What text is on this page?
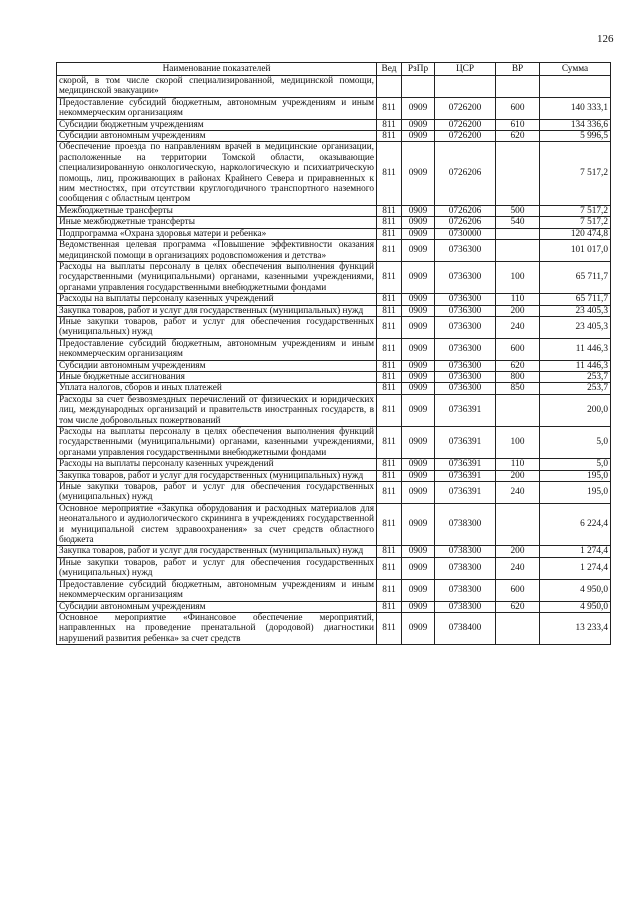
126
Наименование показателей	Вед	РзПр	ЦСР	ВР	Сумма
скорой, в том числе скорой специализированной, медицинской помощи, медицинской эвакуации»					
Предоставление субсидий бюджетным, автономным учреждениям и иным некоммерческим организациям	811	0909	0726200	600	140 333,1
Субсидии бюджетным учреждениям	811	0909	0726200	610	134 336,6
Субсидии автономным учреждениям	811	0909	0726200	620	5 996,5
Обеспечение проезда по направлениям врачей в медицинские организации, расположенные на территории Томской области, оказывающие специализированную онкологическую, наркологическую и психиатрическую помощь, лиц, проживающих в районах Крайнего Севера и приравненных к ним местностях, при отсутствии круглогодичного транспортного наземного сообщения с областным центром	811	0909	0726206		7 517,2
Межбюджетные трансферты	811	0909	0726206	500	7 517,2
Иные межбюджетные трансферты	811	0909	0726206	540	7 517,2
Подпрограмма «Охрана здоровья матери и ребенка»	811	0909	0730000		120 474,8
Ведомственная целевая программа «Повышение эффективности оказания медицинской помощи в организациях родовспоможения и детства»	811	0909	0736300		101 017,0
Расходы на выплаты персоналу в целях обеспечения выполнения функций государственными (муниципальными) органами, казенными учреждениями, органами управления государственными внебюджетными фондами	811	0909	0736300	100	65 711,7
Расходы на выплаты персоналу казенных учреждений	811	0909	0736300	110	65 711,7
Закупка товаров, работ и услуг для государственных (муниципальных) нужд	811	0909	0736300	200	23 405,3
Иные закупки товаров, работ и услуг для обеспечения государственных (муниципальных) нужд	811	0909	0736300	240	23 405,3
Предоставление субсидий бюджетным, автономным учреждениям и иным некоммерческим организациям	811	0909	0736300	600	11 446,3
Субсидии автономным учреждениям	811	0909	0736300	620	11 446,3
Иные бюджетные ассигнования	811	0909	0736300	800	253,7
Уплата налогов, сборов и иных платежей	811	0909	0736300	850	253,7
Расходы за счет безвозмездных перечислений от физических и юридических лиц, международных организаций и правительств иностранных государств, в том числе добровольных пожертвований	811	0909	0736391		200,0
Расходы на выплаты персоналу в целях обеспечения выполнения функций государственными (муниципальными) органами, казенными учреждениями, органами управления государственными внебюджетными фондами	811	0909	0736391	100	5,0
Расходы на выплаты персоналу казенных учреждений	811	0909	0736391	110	5,0
Закупка товаров, работ и услуг для государственных (муниципальных) нужд	811	0909	0736391	200	195,0
Иные закупки товаров, работ и услуг для обеспечения государственных (муниципальных) нужд	811	0909	0736391	240	195,0
Основное мероприятие «Закупка оборудования и расходных материалов для неонатального и аудиологического скрининга в учреждениях государственной и муниципальной систем здравоохранения» за счет средств областного бюджета	811	0909	0738300		6 224,4
Закупка товаров, работ и услуг для государственных (муниципальных) нужд	811	0909	0738300	200	1 274,4
Иные закупки товаров, работ и услуг для обеспечения государственных (муниципальных) нужд	811	0909	0738300	240	1 274,4
Предоставление субсидий бюджетным, автономным учреждениям и иным некоммерческим организациям	811	0909	0738300	600	4 950,0
Субсидии автономным учреждениям	811	0909	0738300	620	4 950,0
Основное мероприятие «Финансовое обеспечение мероприятий, направленных на проведение пренатальной (дородовой) диагностики нарушений развития ребенка» за счет средств	811	0909	0738400		13 233,4
